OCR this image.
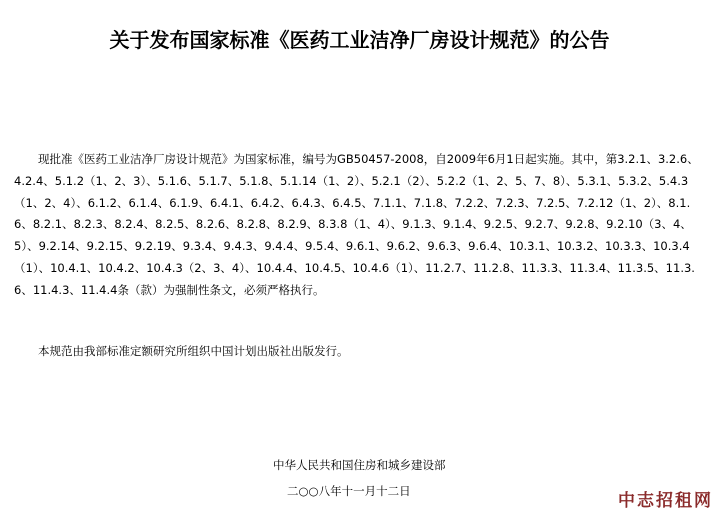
关于发布国家标准《医药工业洁净厂房设计规范》的公告

现批准《医药工业洁净厂房设计规范》为国家标准，编号为GB50457-2008，自2009年6月1日起实施。其中，第3.2.1、3.2.6、4.2.4、5.1.2（1、2、3）、5.1.6、5.1.7、5.1.8、5.1.14（1、2）、5.2.1（2）、5.2.2（1、2、5、7、8）、5.3.1、5.3.2、5.4.3（1、2、4）、6.1.2、6.1.4、6.1.9、6.4.1、6.4.2、6.4.3、6.4.5、7.1.1、7.1.8、7.2.2、7.2.3、7.2.5、7.2.12（1、2）、8.1.6、8.2.1、8.2.3、8.2.4、8.2.5、8.2.6、8.2.8、8.2.9、8.3.8（1、4）、9.1.3、9.1.4、9.2.5、9.2.7、9.2.8、9.2.10（3、4、5）、9.2.14、9.2.15、9.2.19、9.3.4、9.4.3、9.4.4、9.5.4、9.6.1、9.6.2、9.6.3、9.6.4、10.3.1、10.3.2、10.3.3、10.3.4（1）、10.4.1、10.4.2、10.4.3（2、3、4）、10.4.4、10.4.5、10.4.6（1）、11.2.7、11.2.8、11.3.3、11.3.4、11.3.5、11.3.6、11.4.3、11.4.4条（款）为强制性条文，必须严格执行。

本规范由我部标准定额研究所组织中国计划出版社出版发行。

中华人民共和国住房和城乡建设部
二○○八年十一月十二日	中志招租网
